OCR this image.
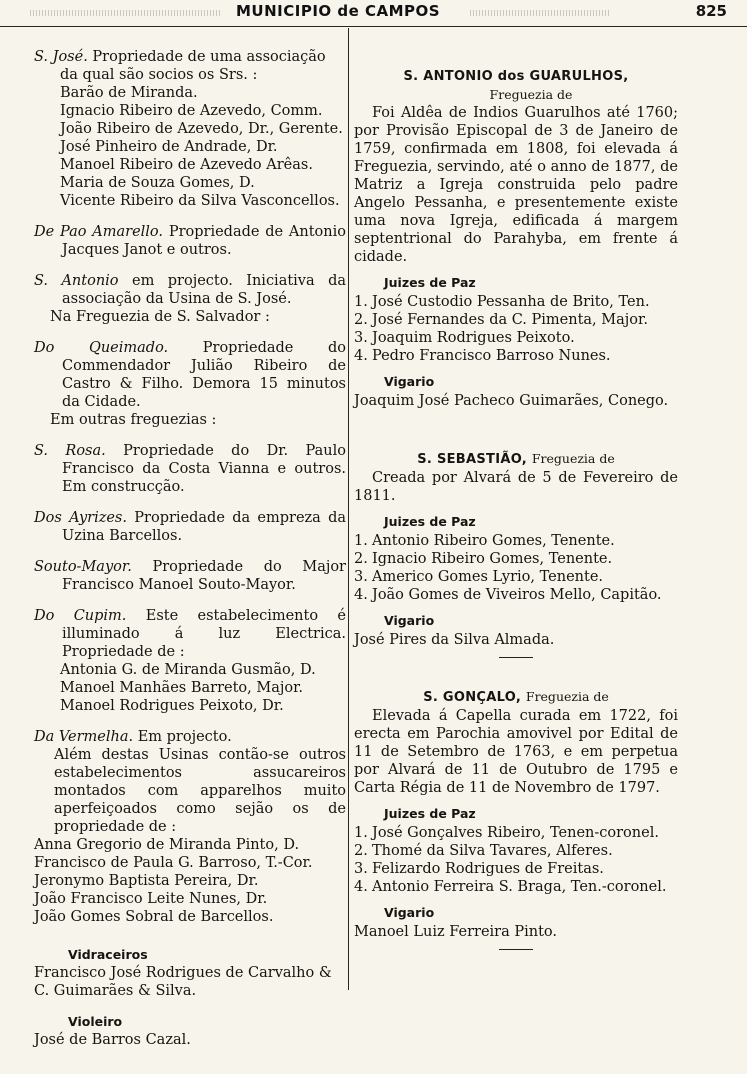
MUNICIPIO de CAMPOS	825

S. José. Propriedade de uma associação

da qual são socios os Srs. :

Barão de Miranda.

Ignacio Ribeiro de Azevedo, Comm.

João Ribeiro de Azevedo, Dr., Gerente.

José Pinheiro de Andrade, Dr.

Manoel Ribeiro de Azevedo Arêas.

Maria de Souza Gomes, D.

Vicente Ribeiro da Silva Vasconcellos.

De Pao Amarello. Propriedade de Antonio Jacques Janot e outros.

S. Antonio em projecto. Iniciativa da associação da Usina de S. José.

Na Freguezia de S. Salvador :

Do Queimado. Propriedade do Commendador Julião Ribeiro de Castro & Filho. Demora 15 minutos da Cidade.

Em outras freguezias :

S. Rosa. Propriedade do Dr. Paulo Francisco da Costa Vianna e outros. Em construcção.

Dos Ayrizes. Propriedade da empreza da Uzina Barcellos.

Souto-Mayor. Propriedade do Major Francisco Manoel Souto-Mayor.

Do Cupim. Este estabelecimento é illuminado á luz Electrica. Propriedade de :

Antonia G. de Miranda Gusmão, D.

Manoel Manhães Barreto, Major.

Manoel Rodrigues Peixoto, Dr.

Da Vermelha. Em projecto.

Além destas Usinas contão-se outros estabelecimentos assucareiros montados com apparelhos muito aperfeiçoados como sejão os de propriedade de :

Anna Gregorio de Miranda Pinto, D.

Francisco de Paula G. Barroso, T.-Cor.

Jeronymo Baptista Pereira, Dr.

João Francisco Leite Nunes, Dr.

João Gomes Sobral de Barcellos.

Vidraceiros

Francisco José Rodrigues de Carvalho & C. Guimarães & Silva.

Violeiro

José de Barros Cazal.

S. ANTONIO dos GUARULHOS,

Freguezia de

Foi Aldêa de Indios Guarulhos até 1760; por Provisão Episcopal de 3 de Janeiro de 1759, confirmada em 1808, foi elevada á Freguezia, servindo, até o anno de 1877, de Matriz a Igreja construida pelo padre Angelo Pessanha, e presentemente existe uma nova Igreja, edificada á margem septentrional do Parahyba, em frente á cidade.

Juizes de Paz

1. José Custodio Pessanha de Brito, Ten.
2. José Fernandes da C. Pimenta, Major.
3. Joaquim Rodrigues Peixoto.
4. Pedro Francisco Barroso Nunes.

Vigario

Joaquim José Pacheco Guimarães, Conego.

S. SEBASTIÃO, Freguezia de

Creada por Alvará de 5 de Fevereiro de 1811.

Juizes de Paz

1. Antonio Ribeiro Gomes, Tenente.
2. Ignacio Ribeiro Gomes, Tenente.
3. Americo Gomes Lyrio, Tenente.
4. João Gomes de Viveiros Mello, Capitão.

Vigario

José Pires da Silva Almada.

S. GONÇALO, Freguezia de

Elevada á Capella curada em 1722, foi erecta em Parochia amovivel por Edital de 11 de Setembro de 1763, e em perpetua por Alvará de 11 de Outubro de 1795 e Carta Régia de 11 de Novembro de 1797.

Juizes de Paz

1. José Gonçalves Ribeiro, Tenen-coronel.
2. Thomé da Silva Tavares, Alferes.
3. Felizardo Rodrigues de Freitas.
4. Antonio Ferreira S. Braga, Ten.-coronel.

Vigario

Manoel Luiz Ferreira Pinto.
